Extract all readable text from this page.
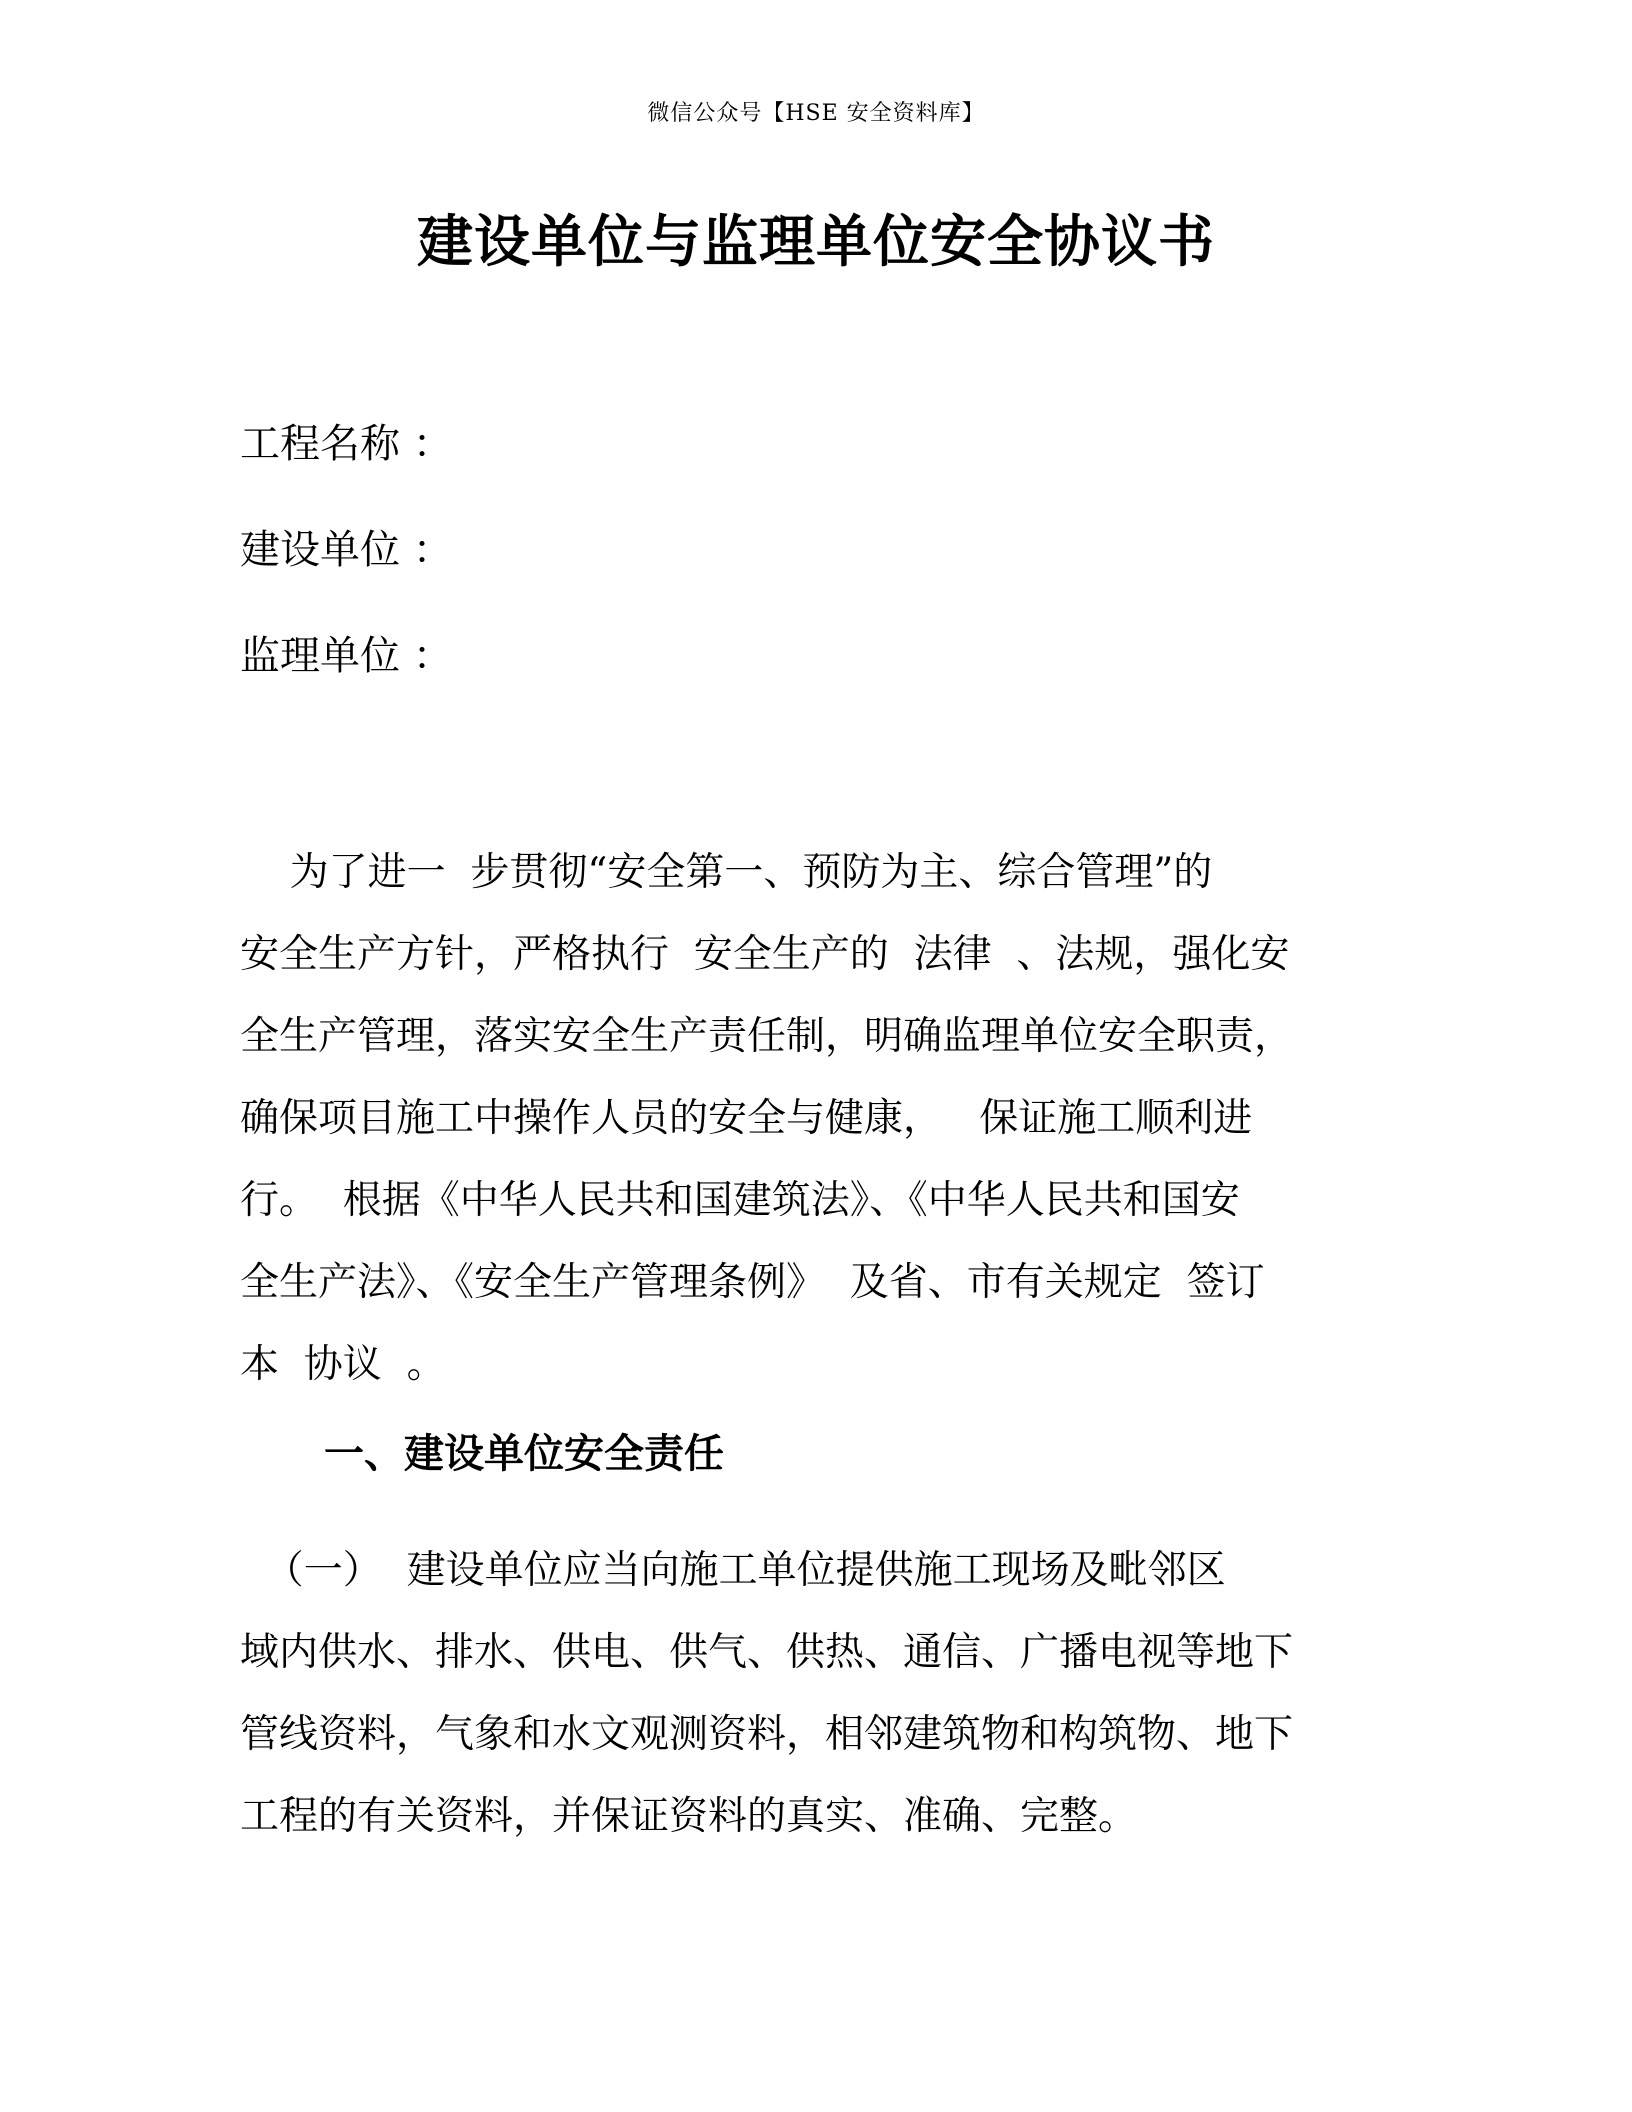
微信公众号【HSE 安全资料库】
建设单位与监理单位安全协议书
工程名称 ：
建设单位 ：
监理单位 ：
为了进一  步贯彻“安全第一、预防为主、综合管理”的
安全生产方针，严格执行  安全生产的  法律  、法规，强化安
全生产管理，落实安全生产责任制，明确监理单位安全职责，
确保项目施工中操作人员的安全与健康，   保证施工顺利进
行。  根据《中华人民共和国建筑法》、《中华人民共和国安
全生产法》、《安全生产管理条例》  及省、市有关规定  签订
本  协议  。
一、建设单位安全责任
（一）  建设单位应当向施工单位提供施工现场及毗邻区
域内供水、排水、供电、供气、供热、通信、广播电视等地下
管线资料，气象和水文观测资料，相邻建筑物和构筑物、地下
工程的有关资料，并保证资料的真实、准确、完整。
